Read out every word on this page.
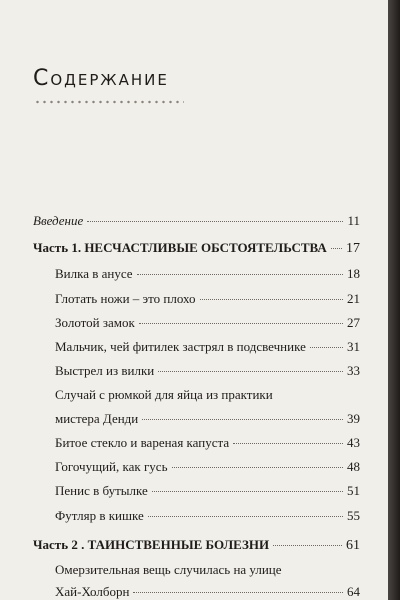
Содержание
Введение	11
Часть 1. НЕСЧАСТЛИВЫЕ ОБСТОЯТЕЛЬСТВА 17
Вилка в анусе	18
Глотать ножи – это плохо	21
Золотой замок	27
Мальчик, чей фитилек застрял в подсвечнике	31
Выстрел из вилки	33
Случай с рюмкой для яйца из практики
мистера Денди	39
Битое стекло и вареная капуста	43
Гогочущий, как гусь	48
Пенис в бутылке	51
Футляр в кишке	55
Часть 2 . ТАИНСТВЕННЫЕ БОЛЕЗНИ	61
Омерзительная вещь случилась на улице
Хай-Холборн	64
